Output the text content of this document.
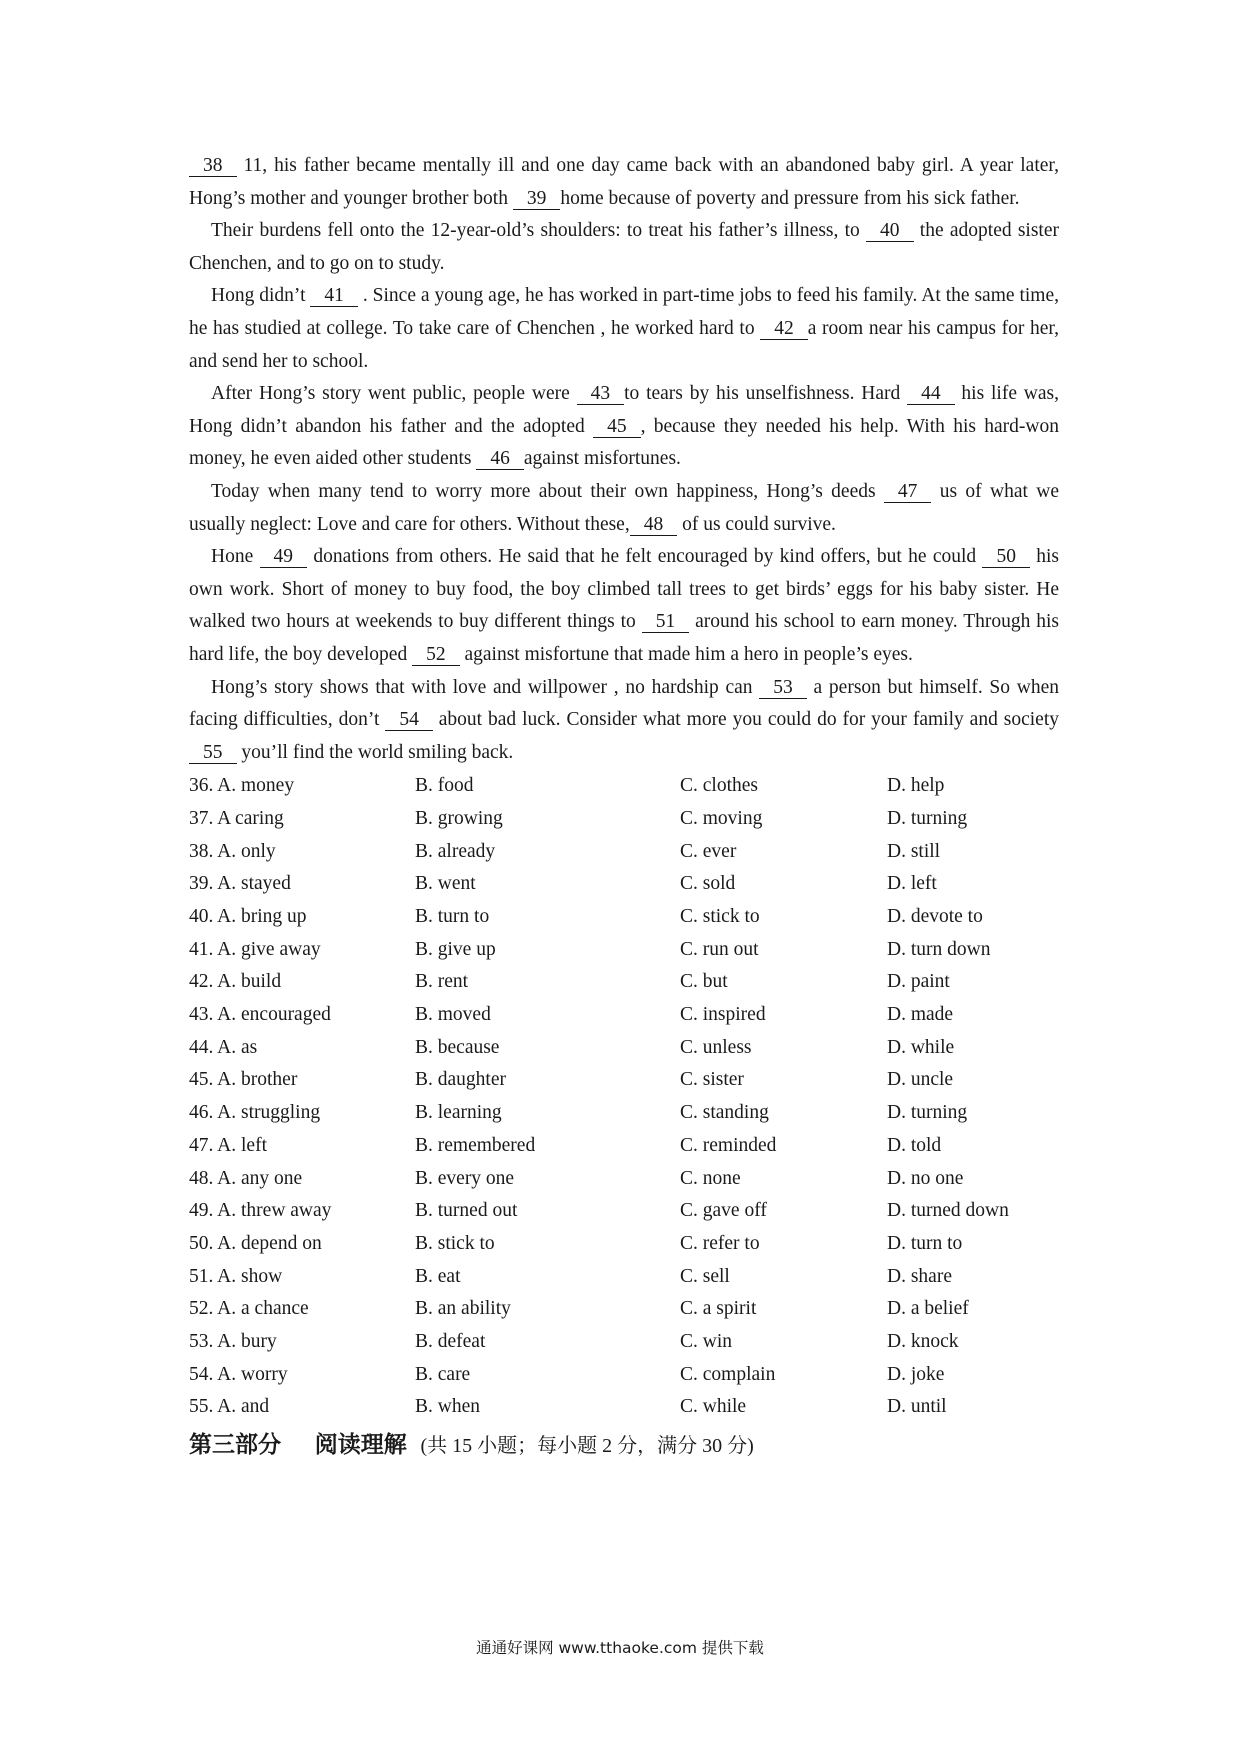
38 11, his father became mentally ill and one day came back with an abandoned baby girl. A year later, Hong’s mother and younger brother both 39 home because of poverty and pressure from his sick father.

Their burdens fell onto the 12-year-old’s shoulders: to treat his father’s illness, to 40 the adopted sister Chenchen, and to go on to study.

Hong didn’t 41 . Since a young age, he has worked in part-time jobs to feed his family. At the same time, he has studied at college. To take care of Chenchen , he worked hard to 42 a room near his campus for her, and send her to school.

After Hong’s story went public, people were 43 to tears by his unselfishness. Hard 44 his life was, Hong didn’t abandon his father and the adopted 45 , because they needed his help. With his hard-won money, he even aided other students 46 against misfortunes.

Today when many tend to worry more about their own happiness, Hong’s deeds 47 us of what we usually neglect: Love and care for others. Without these, 48 of us could survive.

Hone 49 donations from others. He said that he felt encouraged by kind offers, but he could 50 his own work. Short of money to buy food, the boy climbed tall trees to get birds’ eggs for his baby sister. He walked two hours at weekends to buy different things to 51 around his school to earn money. Through his hard life, the boy developed 52 against misfortune that made him a hero in people’s eyes.

Hong’s story shows that with love and willpower , no hardship can 53 a person but himself. So when facing difficulties, don’t 54 about bad luck. Consider what more you could do for your family and society 55 you’ll find the world smiling back.

36. A. money	B. food	C. clothes	D. help
37. A caring	B. growing	C. moving	D. turning
38. A. only	B. already	C. ever	D. still
39. A. stayed	B. went	C. sold	D. left
40. A. bring up	B. turn to	C. stick to	D. devote to
41. A. give away	B. give up	C. run out	D. turn down
42. A. build	B. rent	C. but	D. paint
43. A. encouraged	B. moved	C. inspired	D. made
44. A. as	B. because	C. unless	D. while
45. A. brother	B. daughter	C. sister	D. uncle
46. A. struggling	B. learning	C. standing	D. turning
47. A. left	B. remembered	C. reminded	D. told
48. A. any one	B. every one	C. none	D. no one
49. A. threw away	B. turned out	C. gave off	D. turned down
50. A. depend on	B. stick to	C. refer to	D. turn to
51. A. show	B. eat	C. sell	D. share
52. A. a chance	B. an ability	C. a spirit	D. a belief
53. A. bury	B. defeat	C. win	D. knock
54. A. worry	B. care	C. complain	D. joke
55. A. and	B. when	C. while	D. until
第三部分 阅读理解 (共 15 小题；每小题 2 分，满分 30 分)
通通好课网 www.tthaoke.com 提供下载
